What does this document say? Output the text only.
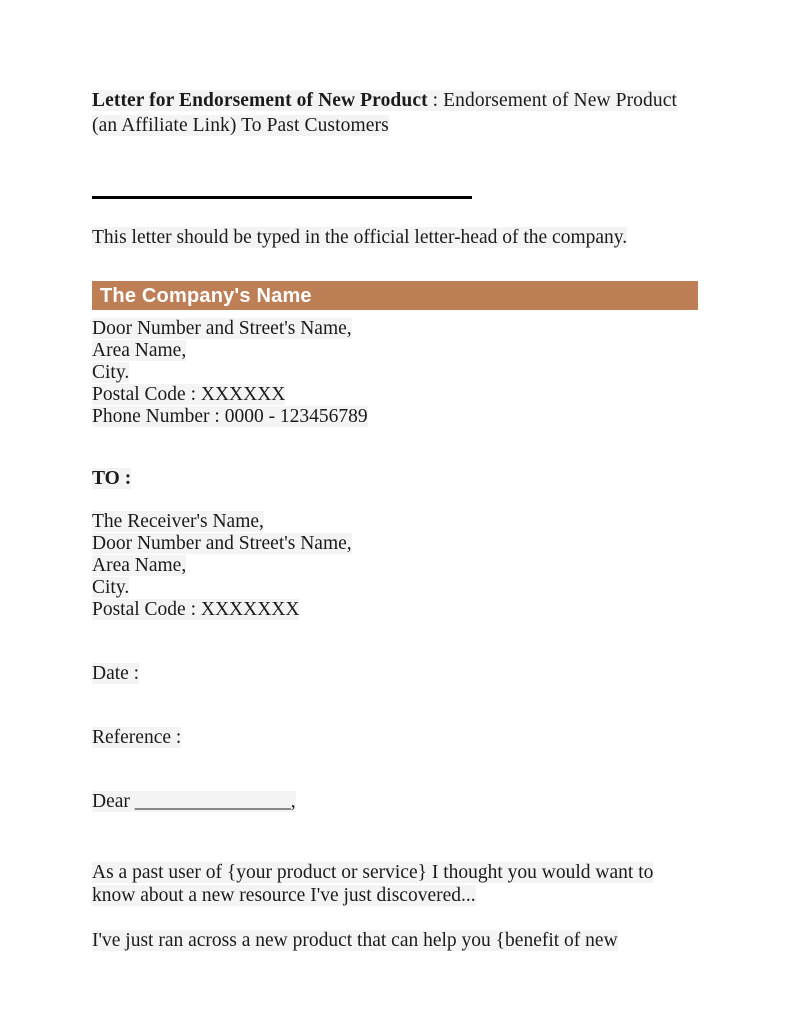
Letter for Endorsement of New Product : Endorsement of New Product (an Affiliate Link) To Past Customers
This letter should be typed in the official letter-head of the company.
The Company's Name
Door Number and Street's Name,
Area Name,
City.
Postal Code : XXXXXX
Phone Number : 0000 - 123456789
TO :
The Receiver's Name,
Door Number and Street's Name,
Area Name,
City.
Postal Code : XXXXXXX
Date :
Reference :
Dear ________________,
As a past user of {your product or service} I thought you would want to know about a new resource I've just discovered...
I've just ran across a new product that can help you {benefit of new
